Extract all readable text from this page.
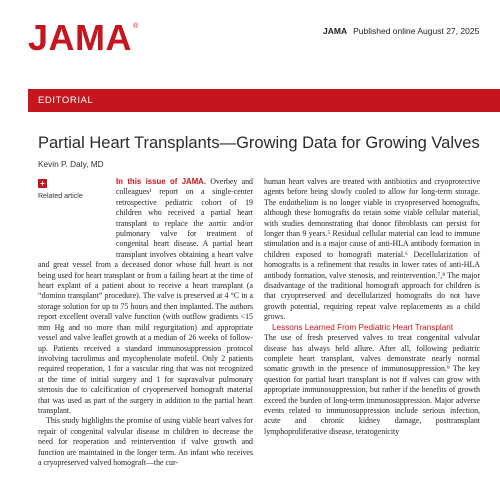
JAMA®	JAMA Published online August 27, 2025
EDITORIAL
Partial Heart Transplants—Growing Data for Growing Valves
Kevin P. Daly, MD

+
Related article
In this issue of JAMA. Overbey and colleagues¹ report on a single-center retrospective pediatric cohort of 19 children who received a partial heart transplant to replace the aortic and/or pulmonary valve for treatment of congenital heart disease. A partial heart transplant involves obtaining a heart valve and great vessel from a deceased donor whose full heart is not being used for heart transplant or from a failing heart at the time of heart explant of a patient about to receive a heart transplant (a “domino transplant” procedure). The valve is preserved at 4 °C in a storage solution for up to 75 hours and then implanted. The authors report excellent overall valve function (with outflow gradients <15 mm Hg and no more than mild regurgitation) and appropriate vessel and valve leaflet growth at a median of 26 weeks of follow-up. Patients received a standard immunosuppression protocol involving tacrolimus and mycophenolate mofetil. Only 2 patients required reoperation, 1 for a vascular ring that was not recognized at the time of initial surgery and 1 for supravalvar pulmonary stenosis due to calcification of cryopreserved homograft material that was used as part of the surgery in addition to the partial heart transplant.

This study highlights the promise of using viable heart valves for repair of congenital valvular disease in children to decrease the need for reoperation and reintervention if valve growth and function are maintained in the longer term. An infant who receives a cryopreserved valved homograft—the cur-

human heart valves are treated with antibiotics and cryoprotective agents before being slowly cooled to allow for long-term storage. The endothelium is no longer viable in cryopreserved homografts, although these homografts do retain some viable cellular material, with studies demonstrating that donor fibroblasts can persist for longer than 9 years.⁵ Residual cellular material can lead to immune stimulation and is a major cause of anti-HLA antibody formation in children exposed to homograft material.⁶ Decellularization of homografts is a refinement that results in lower rates of anti-HLA antibody formation, valve stenosis, and reintervention.⁷,⁸ The major disadvantage of the traditional homograft approach for children is that cryopreserved and decellularized homografts do not have growth potential, requiring repeat valve replacements as a child grows.

Lessons Learned From Pediatric Heart Transplant

The use of fresh preserved valves to treat congenital valvular disease has always held allure. After all, following pediatric complete heart transplant, valves demonstrate nearly normal somatic growth in the presence of immunosuppression.⁹ The key question for partial heart transplant is not if valves can grow with appropriate immunosuppression, but rather if the benefits of growth exceed the burden of long-term immunosuppression. Major adverse events related to immunosuppression include serious infection, acute and chronic kidney damage, posttransplant lymphoproliferative disease, teratogenicity
